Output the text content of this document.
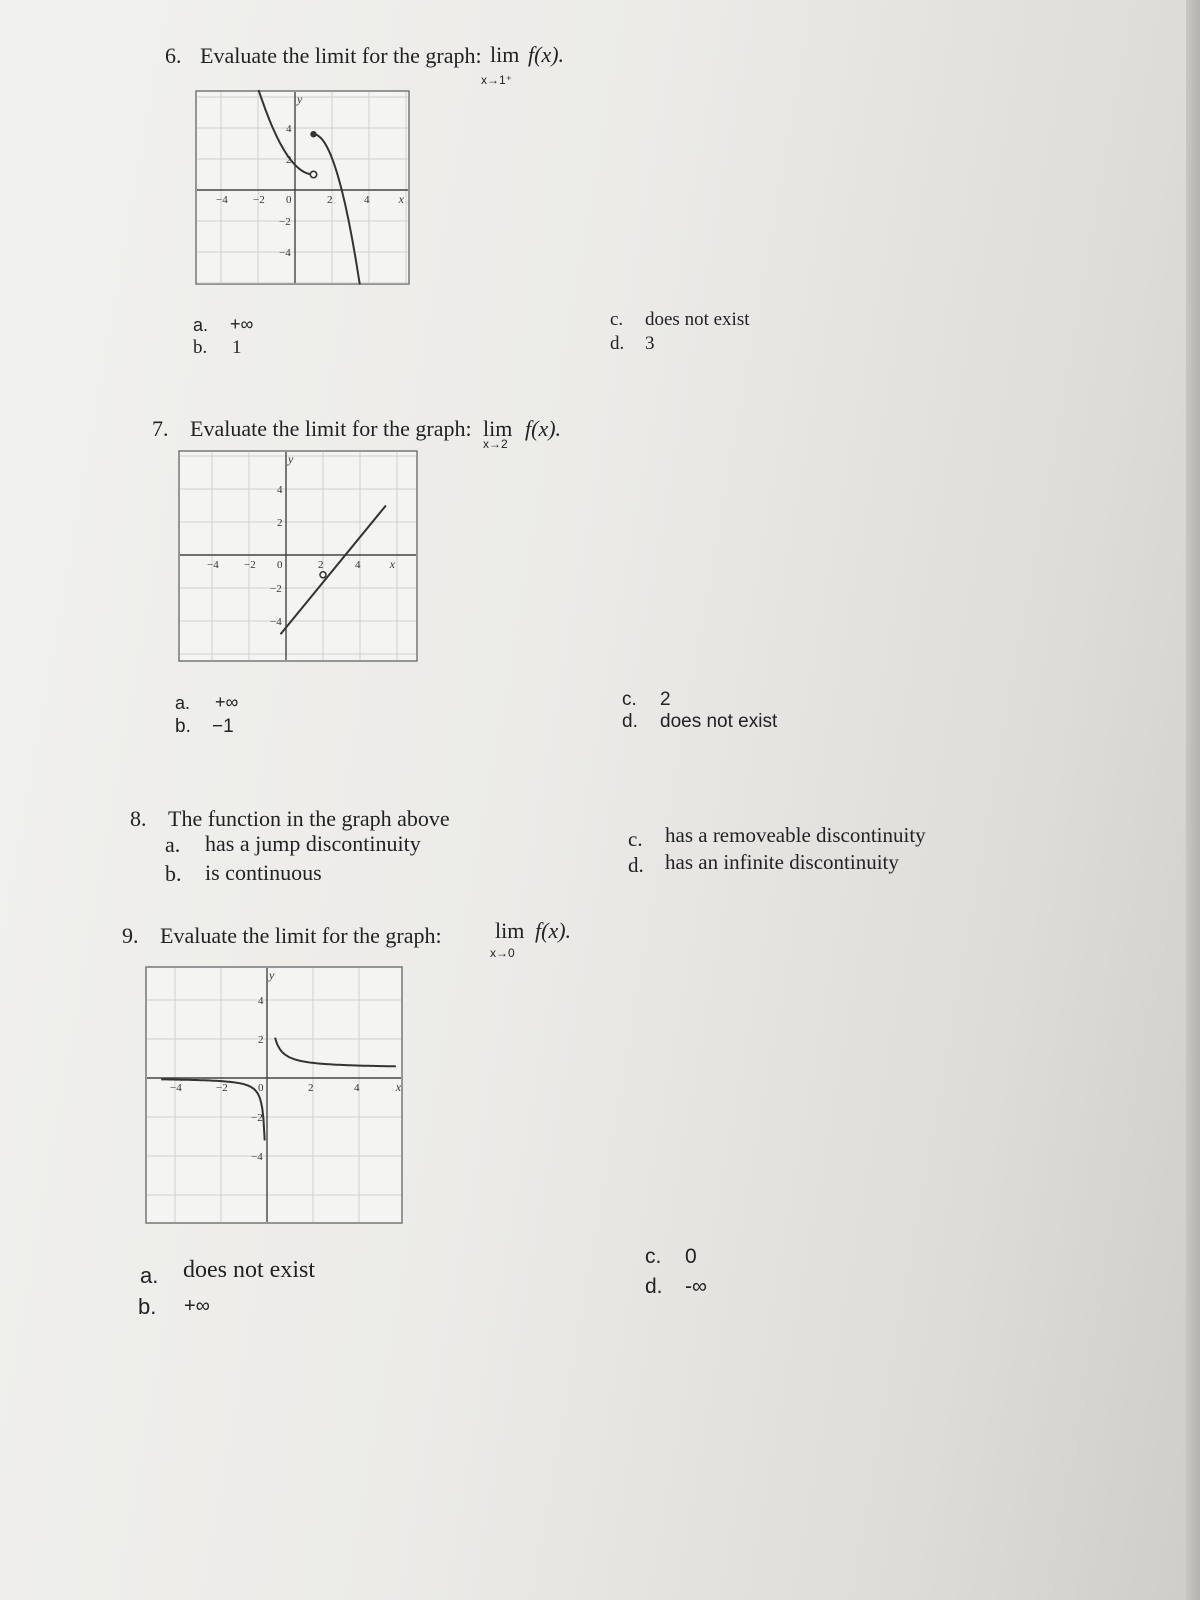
6. Evaluate the limit for the graph: lim f(x).
x→1⁺
−4 −2 0	2	4
4
2
−2
−4
x
y
a. +∞
b. 1
c. does not exist
d. 3
7. Evaluate the limit for the graph: lim f(x).
x→2
−4 −2 0	2	4
4
2
−2
−4
x
y
a. +∞
b. −1
c. 2
d. does not exist
8. The function in the graph above
a. has a jump discontinuity
b. is continuous
c. has a removeable discontinuity
d. has an infinite discontinuity
9. Evaluate the limit for the graph: lim f(x).
x→0
−4	−2	0	2	4
4
2
−2
−4
x
y
a. does not exist
b. +∞
c. 0
d. -∞
